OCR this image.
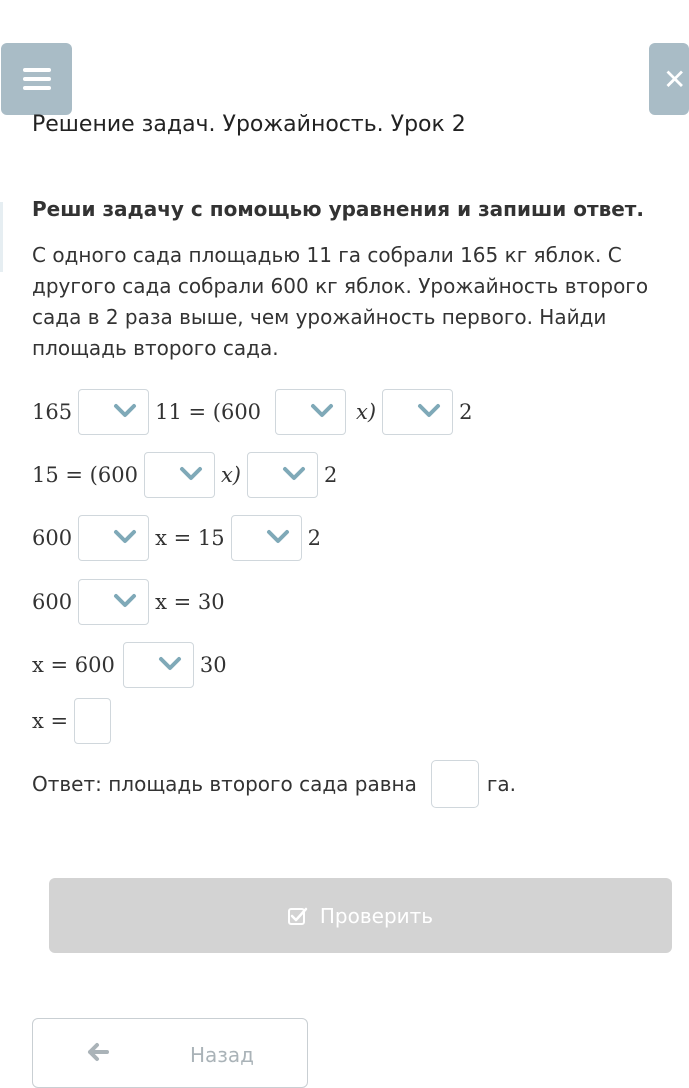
✕
Решение задач. Урожайность. Урок 2
Реши задачу с помощью уравнения и запиши ответ.
С одного сада площадью 11 га собрали 165 кг яблок. С другого сада собрали 600 кг яблок. Урожайность второго сада в 2 раза выше, чем урожайность первого. Найди площадь второго сада.
165	11 = (600	x)	2
15 = (600	x)	2
600	x = 15	2
600	x = 30
x = 600	30
x =
Ответ: площадь второго сада равна	га.
Проверить
Назад
